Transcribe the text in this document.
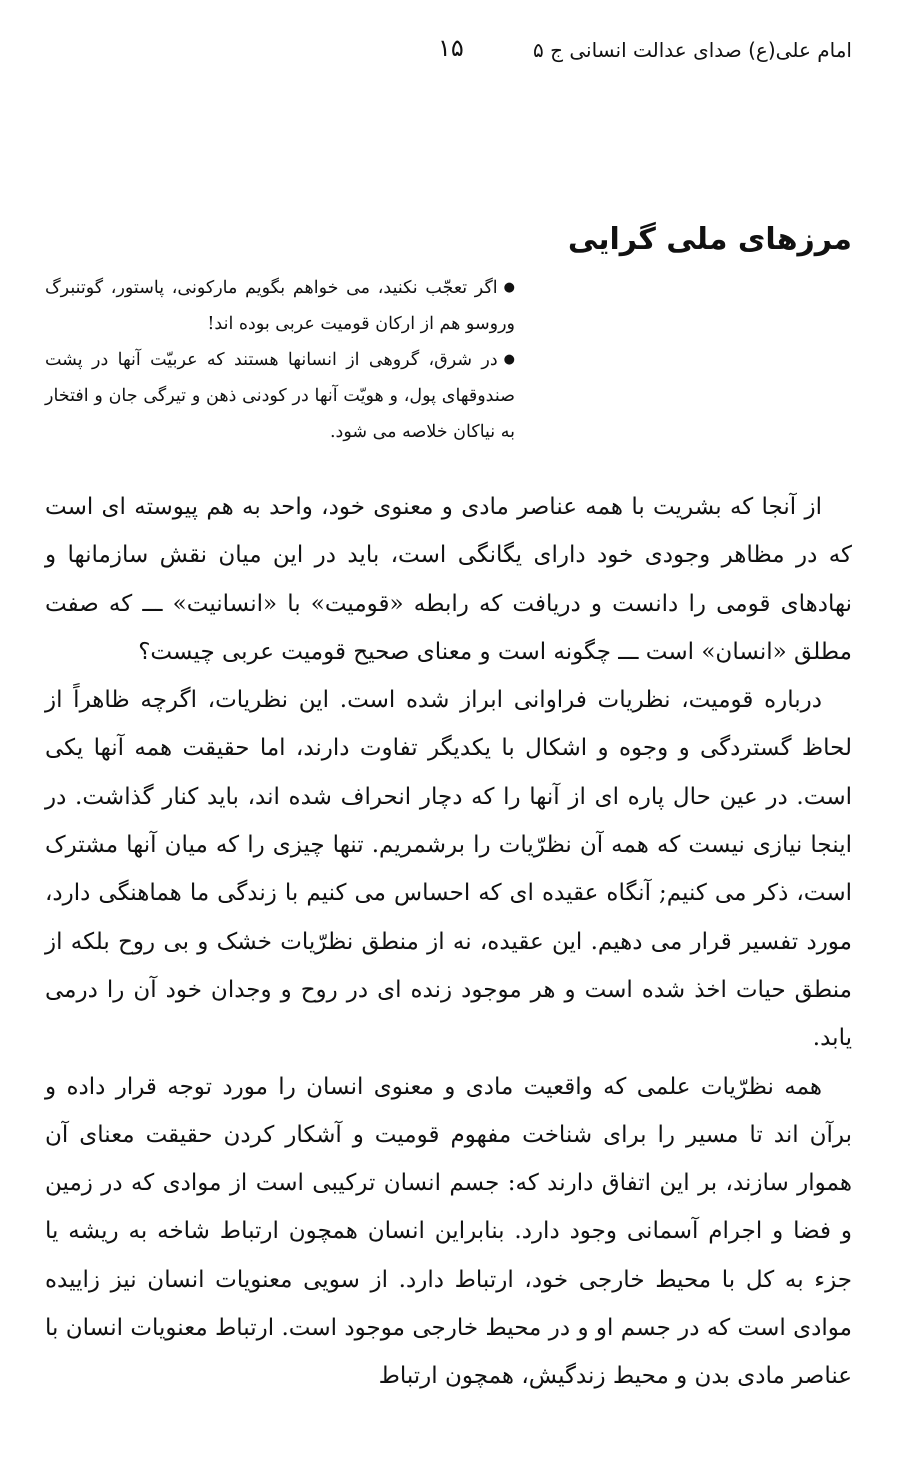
امام علی(ع) صدای عدالت انسانی ج ۵
۱۵
مرزهای ملی گرایی

●اگر تعجّب نکنید، می خواهم بگویم مارکونی، پاستور، گوتنبرگ وروسو هم از ارکان قومیت عربی بوده اند!

●در شرق، گروهی از انسانها هستند که عربیّت آنها در پشت صندوقهای پول، و هویّت آنها در کودنی ذهن و تیرگی جان و افتخار به نیاکان خلاصه می شود.

از آنجا که بشریت با همه عناصر مادی و معنوی خود، واحد به هم پیوسته ای است که در مظاهر وجودی خود دارای یگانگی است، باید در این میان نقش سازمانها و نهادهای قومی را دانست و دریافت که رابطه «قومیت» با «انسانیت» ـــ که صفت مطلق «انسان» است ـــ چگونه است و معنای صحیح قومیت عربی چیست؟

درباره قومیت، نظریات فراوانی ابراز شده است. این نظریات، اگرچه ظاهراً از لحاظ گستردگی و وجوه و اشکال با یکدیگر تفاوت دارند، اما حقیقت همه آنها یکی است. در عین حال پاره ای از آنها را که دچار انحراف شده اند، باید کنار گذاشت. در اینجا نیازی نیست که همه آن نظرّیات را برشمریم. تنها چیزی را که میان آنها مشترک است، ذکر می کنیم; آنگاه عقیده ای که احساس می کنیم با زندگی ما هماهنگی دارد، مورد تفسیر قرار می دهیم. این عقیده، نه از منطق نظرّیات خشک و بی روح بلکه از منطق حیات اخذ شده است و هر موجود زنده ای در روح و وجدان خود آن را درمی یابد.

همه نظرّیات علمی که واقعیت مادی و معنوی انسان را مورد توجه قرار داده و برآن اند تا مسیر را برای شناخت مفهوم قومیت و آشکار کردن حقیقت معنای آن هموار سازند، بر این اتفاق دارند که: جسم انسان ترکیبی است از موادی که در زمین و فضا و اجرام آسمانی وجود دارد. بنابراین انسان همچون ارتباط شاخه به ریشه یا جزء به کل با محیط خارجی خود، ارتباط دارد. از سویی معنویات انسان نیز زاییده موادی است که در جسم او و در محیط خارجی موجود است. ارتباط معنویات انسان با عناصر مادی بدن و محیط زندگیش، همچون ارتباط
